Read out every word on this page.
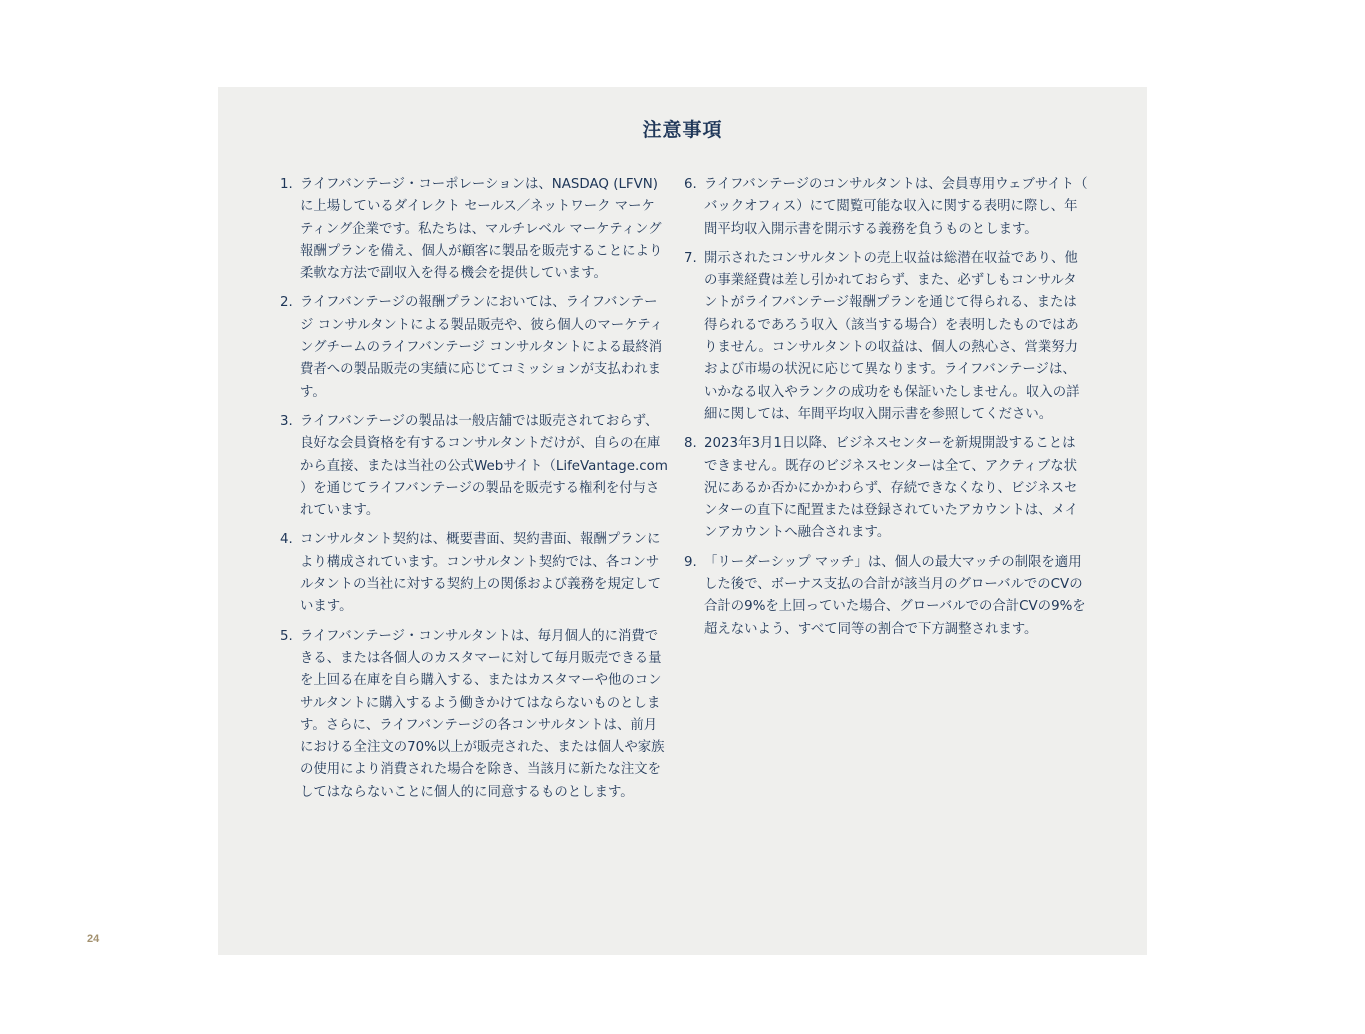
注意事項
1. ライフバンテージ・コーポレーションは、NASDAQ (LFVN)に上場しているダイレクト セールス／ネットワーク マーケティング企業です。私たちは、マルチレベル マーケティング報酬プランを備え、個人が顧客に製品を販売することにより柔軟な方法で副収入を得る機会を提供しています。
2. ライフバンテージの報酬プランにおいては、ライフバンテージ コンサルタントによる製品販売や、彼ら個人のマーケティングチームのライフバンテージ コンサルタントによる最終消費者への製品販売の実績に応じてコミッションが支払われます。
3. ライフバンテージの製品は一般店舗では販売されておらず、良好な会員資格を有するコンサルタントだけが、自らの在庫から直接、または当社の公式Webサイト（LifeVantage.com）を通じてライフバンテージの製品を販売する権利を付与されています。
4. コンサルタント契約は、概要書面、契約書面、報酬プランにより構成されています。コンサルタント契約では、各コンサルタントの当社に対する契約上の関係および義務を規定しています。
5. ライフバンテージ・コンサルタントは、毎月個人的に消費できる、または各個人のカスタマーに対して毎月販売できる量を上回る在庫を自ら購入する、またはカスタマーや他のコンサルタントに購入するよう働きかけてはならないものとします。さらに、ライフバンテージの各コンサルタントは、前月における全注文の70%以上が販売された、または個人や家族の使用により消費された場合を除き、当該月に新たな注文をしてはならないことに個人的に同意するものとします。
6. ライフバンテージのコンサルタントは、会員専用ウェブサイト（バックオフィス）にて閲覧可能な収入に関する表明に際し、年間平均収入開示書を開示する義務を負うものとします。
7. 開示されたコンサルタントの売上収益は総潜在収益であり、他の事業経費は差し引かれておらず、また、必ずしもコンサルタントがライフバンテージ報酬プランを通じて得られる、または得られるであろう収入（該当する場合）を表明したものではありません。コンサルタントの収益は、個人の熱心さ、営業努力および市場の状況に応じて異なります。ライフバンテージは、いかなる収入やランクの成功をも保証いたしません。収入の詳細に関しては、年間平均収入開示書を参照してください。
8. 2023年3月1日以降、ビジネスセンターを新規開設することはできません。既存のビジネスセンターは全て、アクティブな状況にあるか否かにかかわらず、存続できなくなり、ビジネスセンターの直下に配置または登録されていたアカウントは、メインアカウントへ融合されます。
9. 「リーダーシップ マッチ」は、個人の最大マッチの制限を適用した後で、ボーナス支払の合計が該当月のグローバルでのCVの合計の9%を上回っていた場合、グローバルでの合計CVの9%を超えないよう、すべて同等の割合で下方調整されます。
24
